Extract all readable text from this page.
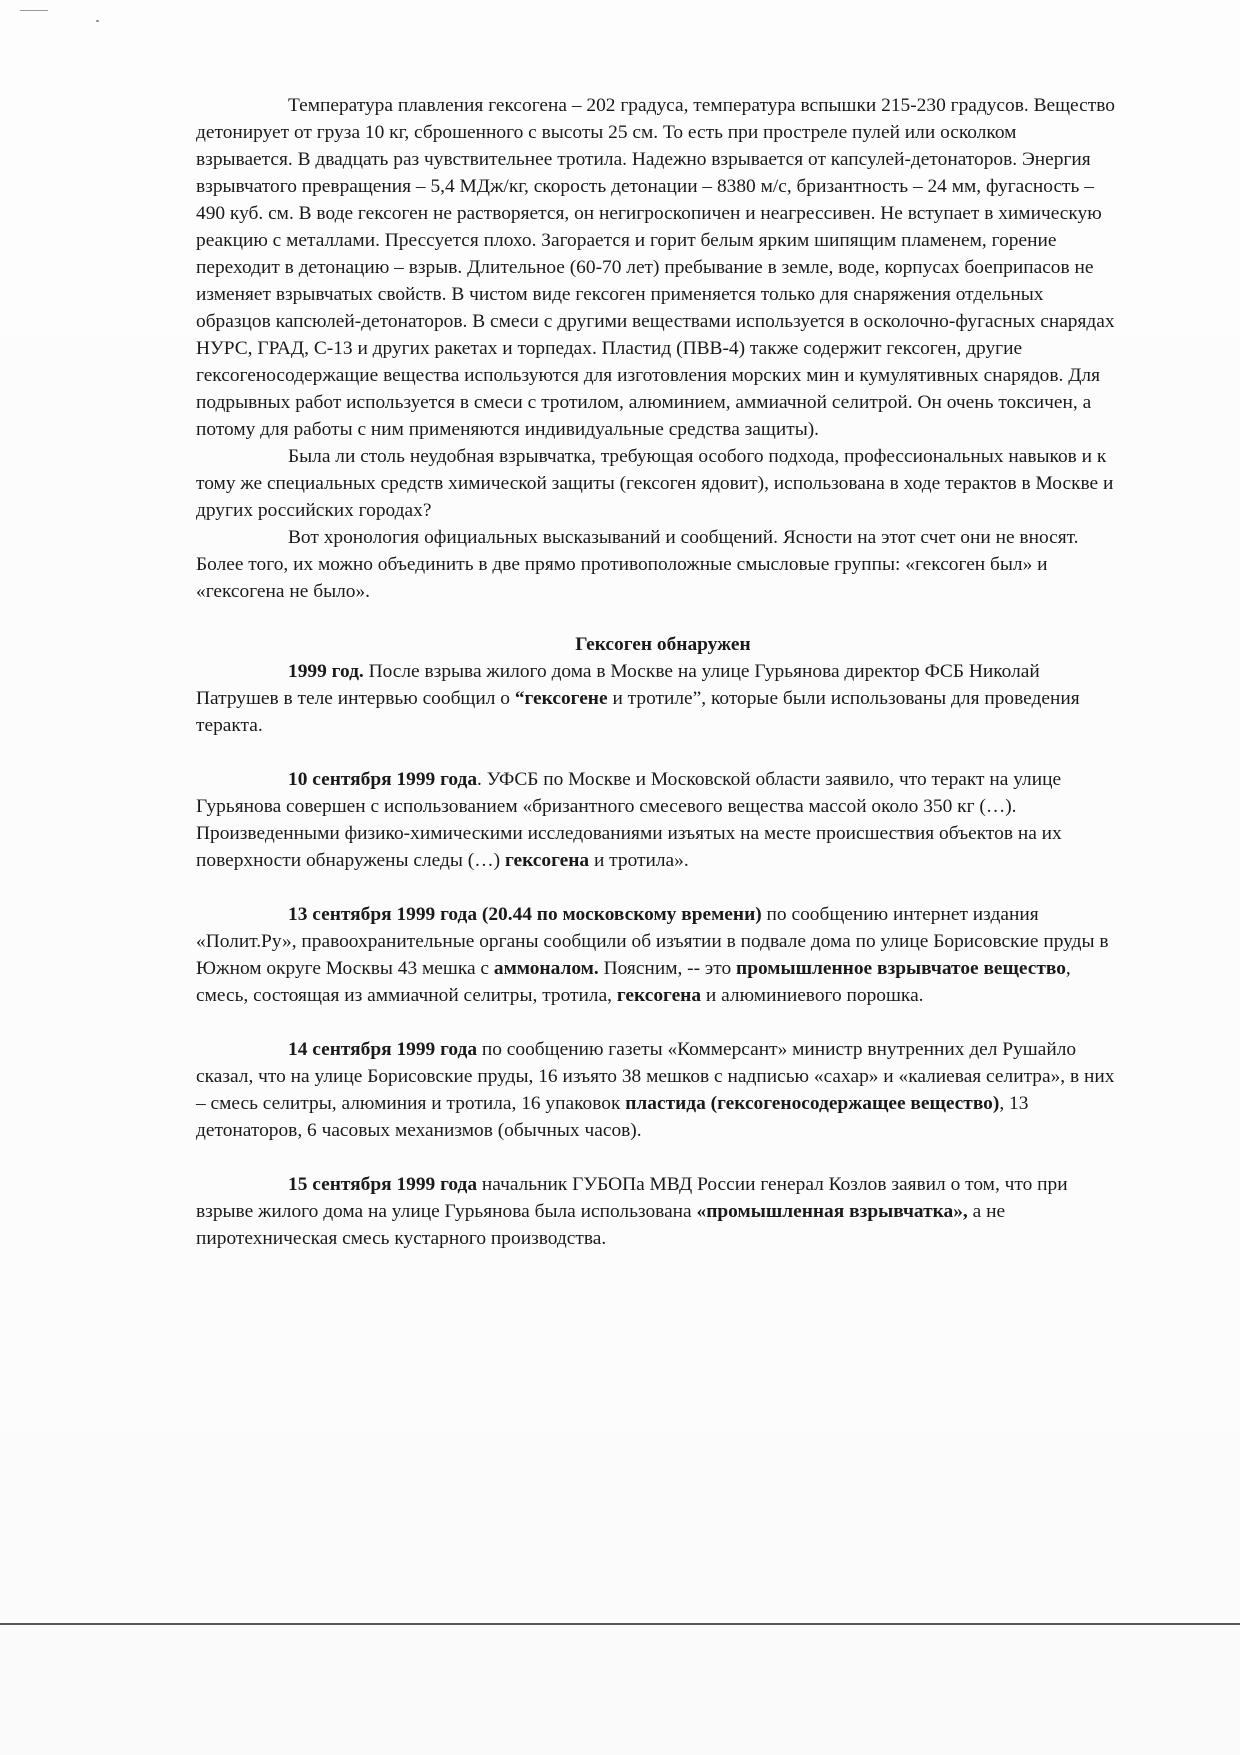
Температура плавления гексогена – 202 градуса, температура вспышки 215-230 градусов. Вещество детонирует от груза 10 кг, сброшенного с высоты 25 см. То есть при простреле пулей или осколком взрывается. В двадцать раз чувствительнее тротила. Надежно взрывается от капсулей-детонаторов. Энергия взрывчатого превращения – 5,4 МДж/кг, скорость детонации – 8380 м/с, бризантность – 24 мм, фугасность – 490 куб. см. В воде гексоген не растворяется, он негигроскопичен и неагрессивен. Не вступает в химическую реакцию с металлами. Прессуется плохо. Загорается и горит белым ярким шипящим пламенем, горение переходит в детонацию – взрыв. Длительное (60-70 лет) пребывание в земле, воде, корпусах боеприпасов не изменяет взрывчатых свойств. В чистом виде гексоген применяется только для снаряжения отдельных образцов капсюлей-детонаторов. В смеси с другими веществами используется в осколочно-фугасных снарядах НУРС, ГРАД, С-13 и других ракетах и торпедах. Пластид (ПВВ-4) также содержит гексоген, другие гексогеносодержащие вещества используются для изготовления морских мин и кумулятивных снарядов. Для подрывных работ используется в смеси с тротилом, алюминием, аммиачной селитрой. Он очень токсичен, а потому для работы с ним применяются индивидуальные средства защиты).

Была ли столь неудобная взрывчатка, требующая особого подхода, профессиональных навыков и к тому же специальных средств химической защиты (гексоген ядовит), использована в ходе терактов в Москве и других российских городах?

Вот хронология официальных высказываний и сообщений. Ясности на этот счет они не вносят. Более того, их можно объединить в две прямо противоположные смысловые группы: «гексоген был» и «гексогена не было».

Гексоген обнаружен

1999 год. После взрыва жилого дома в Москве на улице Гурьянова директор ФСБ Николай Патрушев в теле интервью сообщил о “гексогене и тротиле”, которые были использованы для проведения теракта.

10 сентября 1999 года. УФСБ по Москве и Московской области заявило, что теракт на улице Гурьянова совершен с использованием «бризантного смесевого вещества массой около 350 кг (…). Произведенными физико-химическими исследованиями изъятых на месте происшествия объектов на их поверхности обнаружены следы (…) гексогена и тротила».

13 сентября 1999 года (20.44 по московскому времени) по сообщению интернет издания «Полит.Ру», правоохранительные органы сообщили об изъятии в подвале дома по улице Борисовские пруды в Южном округе Москвы 43 мешка с аммоналом. Поясним, -- это промышленное взрывчатое вещество, смесь, состоящая из аммиачной селитры, тротила, гексогена и алюминиевого порошка.

14 сентября 1999 года по сообщению газеты «Коммерсант» министр внутренних дел Рушайло сказал, что на улице Борисовские пруды, 16 изъято 38 мешков с надписью «сахар» и «калиевая селитра», в них – смесь селитры, алюминия и тротила, 16 упаковок пластида (гексогеносодержащее вещество), 13 детонаторов, 6 часовых механизмов (обычных часов).

15 сентября 1999 года начальник ГУБОПа МВД России генерал Козлов заявил о том, что при взрыве жилого дома на улице Гурьянова была использована «промышленная взрывчатка», а не пиротехническая смесь кустарного производства.
